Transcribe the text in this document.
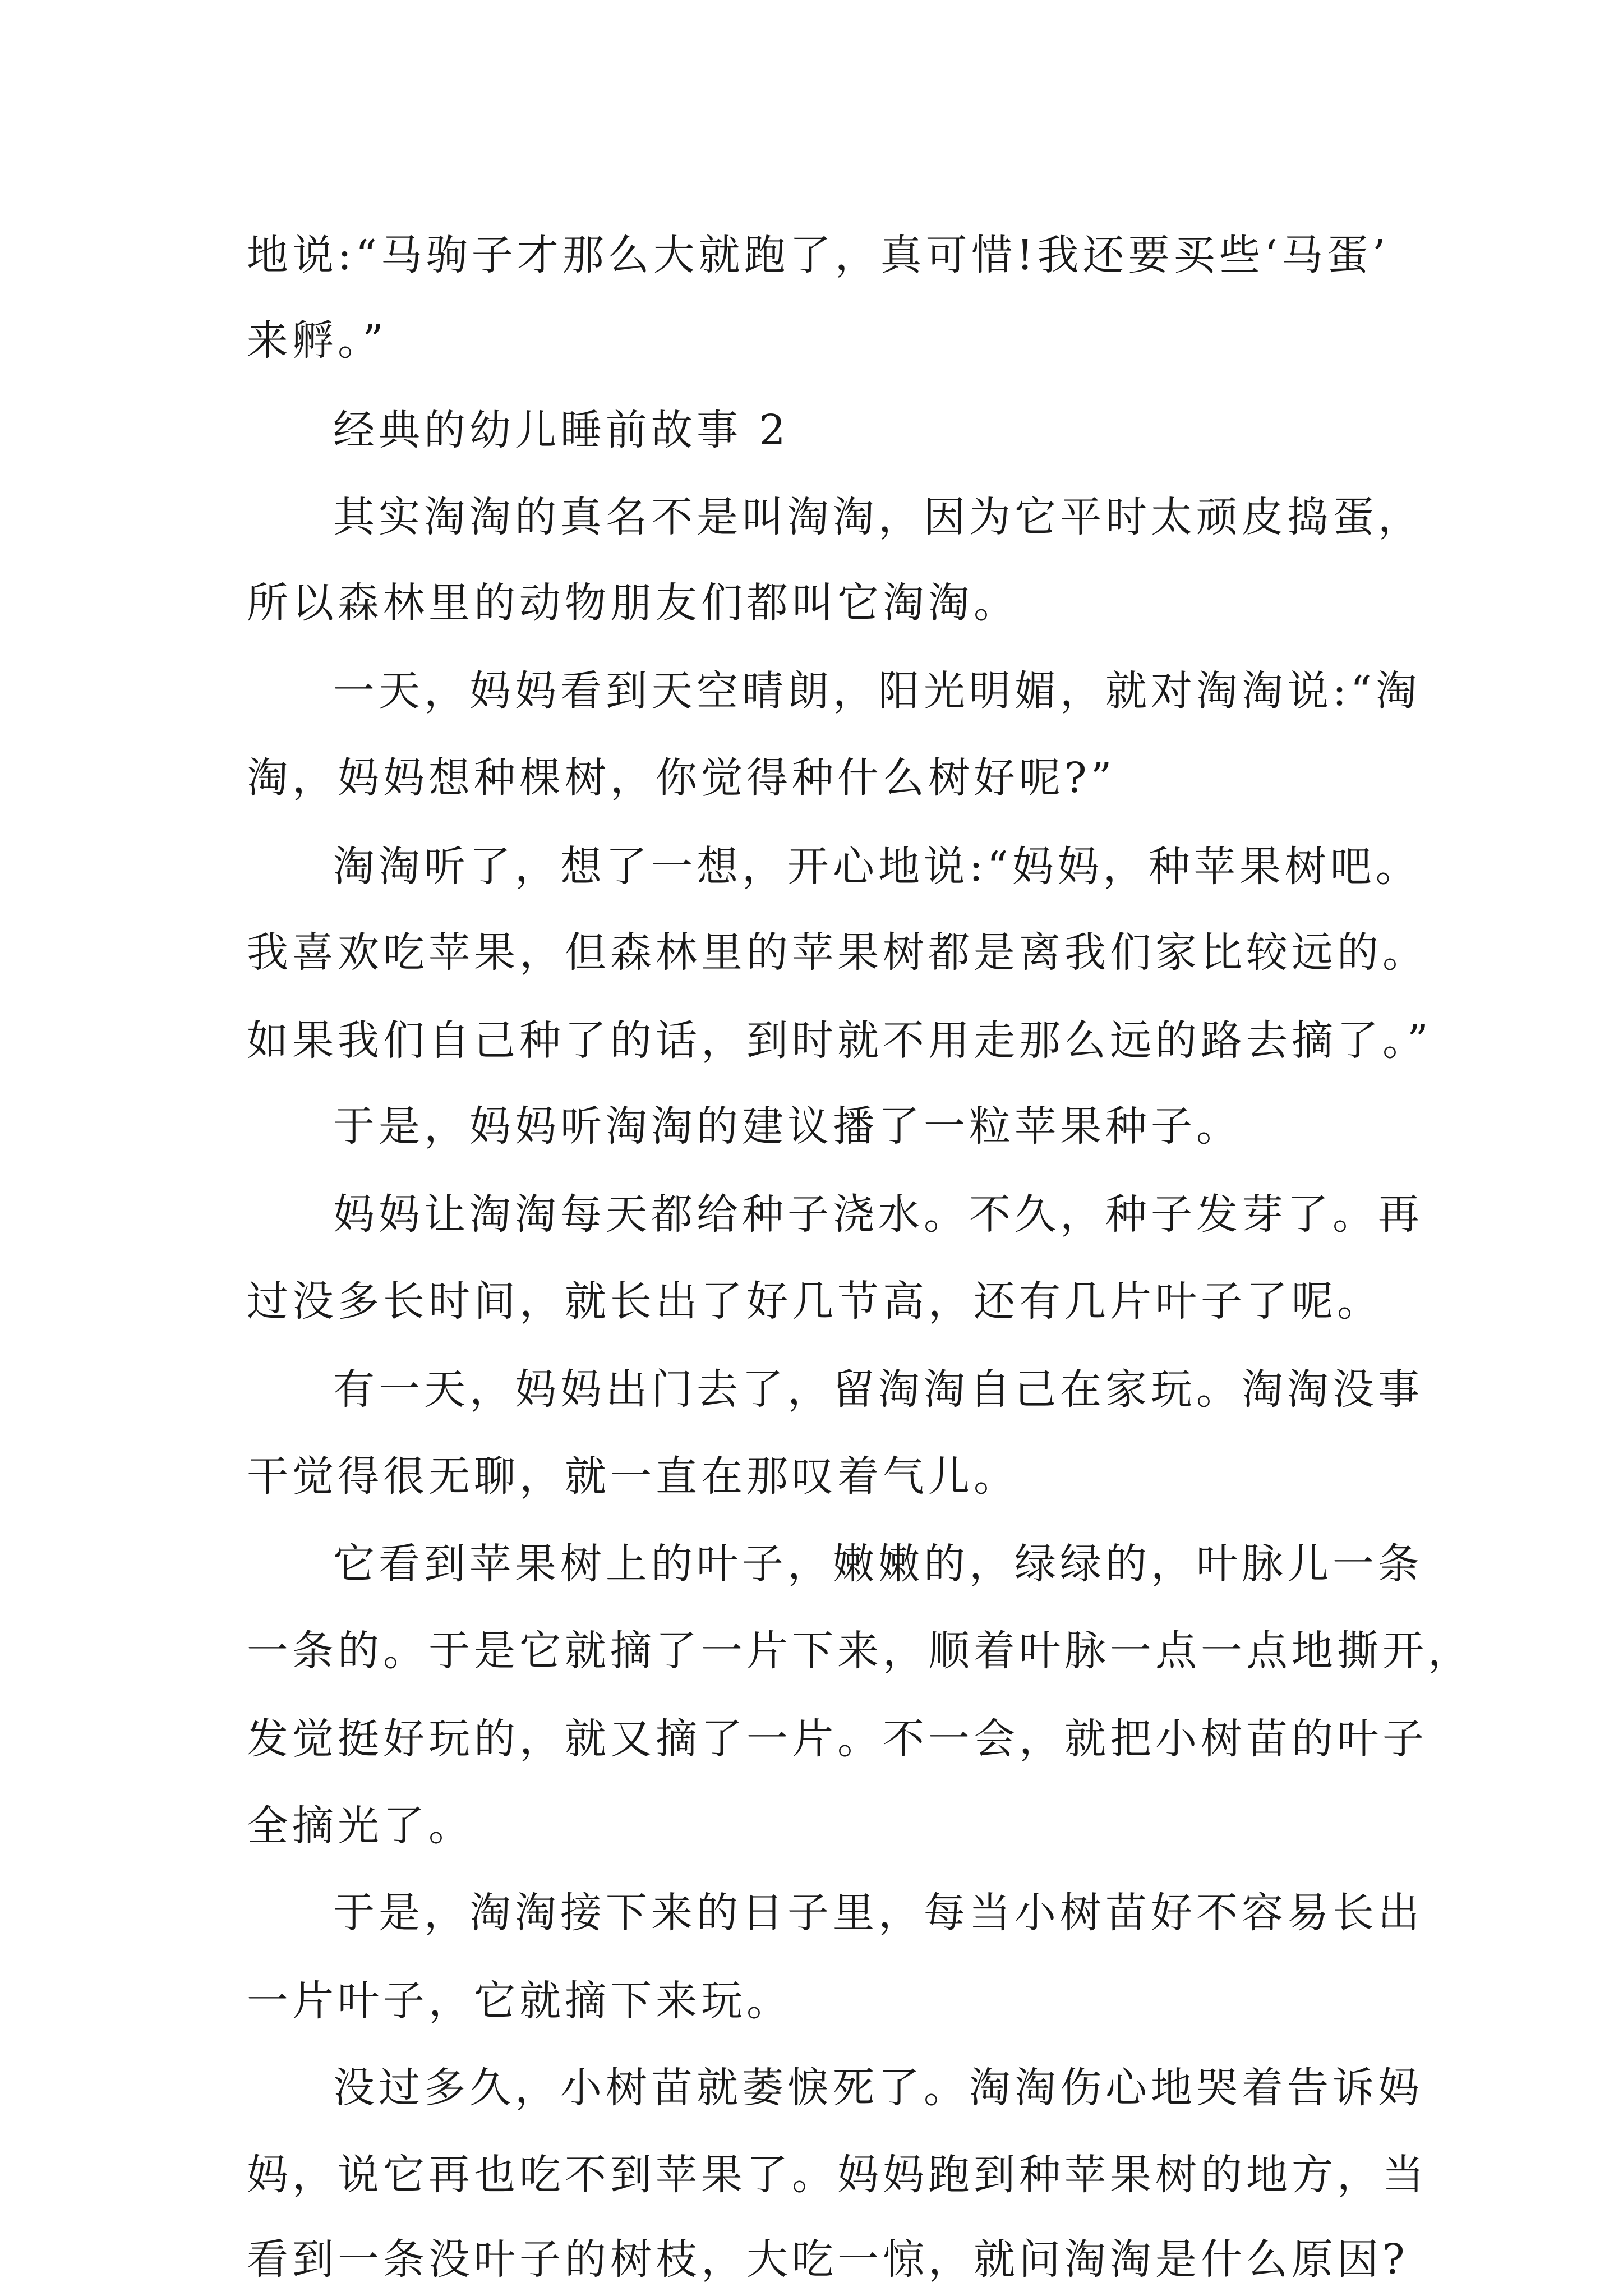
地说:“马驹子才那么大就跑了，真可惜!我还要买些‘马蛋’
来孵。”
经典的幼儿睡前故事 2
其实淘淘的真名不是叫淘淘，因为它平时太顽皮捣蛋，
所以森林里的动物朋友们都叫它淘淘。
一天，妈妈看到天空晴朗，阳光明媚，就对淘淘说:“淘
淘，妈妈想种棵树，你觉得种什么树好呢?”
淘淘听了，想了一想，开心地说:“妈妈，种苹果树吧。
我喜欢吃苹果，但森林里的苹果树都是离我们家比较远的。
如果我们自己种了的话，到时就不用走那么远的路去摘了。”
于是，妈妈听淘淘的建议播了一粒苹果种子。
妈妈让淘淘每天都给种子浇水。不久，种子发芽了。再
过没多长时间，就长出了好几节高，还有几片叶子了呢。
有一天，妈妈出门去了，留淘淘自己在家玩。淘淘没事
干觉得很无聊，就一直在那叹着气儿。
它看到苹果树上的叶子，嫩嫩的，绿绿的，叶脉儿一条
一条的。于是它就摘了一片下来，顺着叶脉一点一点地撕开，
发觉挺好玩的，就又摘了一片。不一会，就把小树苗的叶子
全摘光了。
于是，淘淘接下来的日子里，每当小树苗好不容易长出
一片叶子，它就摘下来玩。
没过多久，小树苗就萎悷死了。淘淘伤心地哭着告诉妈
妈，说它再也吃不到苹果了。妈妈跑到种苹果树的地方，当
看到一条没叶子的树枝，大吃一惊，就问淘淘是什么原因?
